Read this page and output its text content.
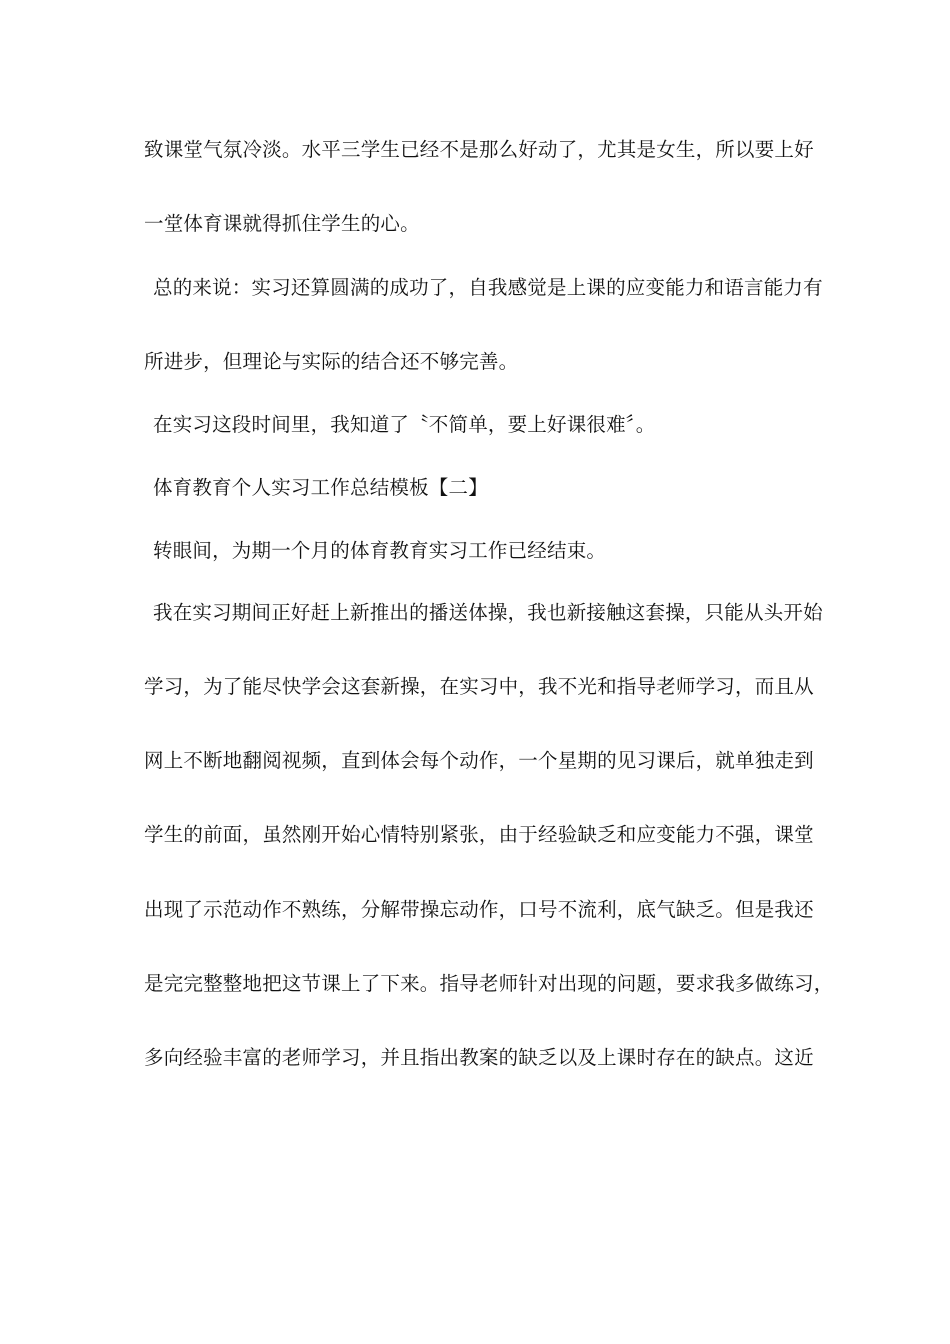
致课堂气氛冷淡。水平三学生已经不是那么好动了，尤其是女生，所以要上好
一堂体育课就得抓住学生的心。
总的来说：实习还算圆满的成功了，自我感觉是上课的应变能力和语言能力有
所进步，但理论与实际的结合还不够完善。
在实习这段时间里，我知道了〝不简单，要上好课很难〞。
体育教育个人实习工作总结模板【二】
转眼间，为期一个月的体育教育实习工作已经结束。
我在实习期间正好赶上新推出的播送体操，我也新接触这套操，只能从头开始
学习，为了能尽快学会这套新操，在实习中，我不光和指导老师学习，而且从
网上不断地翻阅视频，直到体会每个动作，一个星期的见习课后，就单独走到
学生的前面，虽然刚开始心情特别紧张，由于经验缺乏和应变能力不强，课堂
出现了示范动作不熟练，分解带操忘动作，口号不流利，底气缺乏。但是我还
是完完整整地把这节课上了下来。指导老师针对出现的问题，要求我多做练习，
多向经验丰富的老师学习，并且指出教案的缺乏以及上课时存在的缺点。这近
